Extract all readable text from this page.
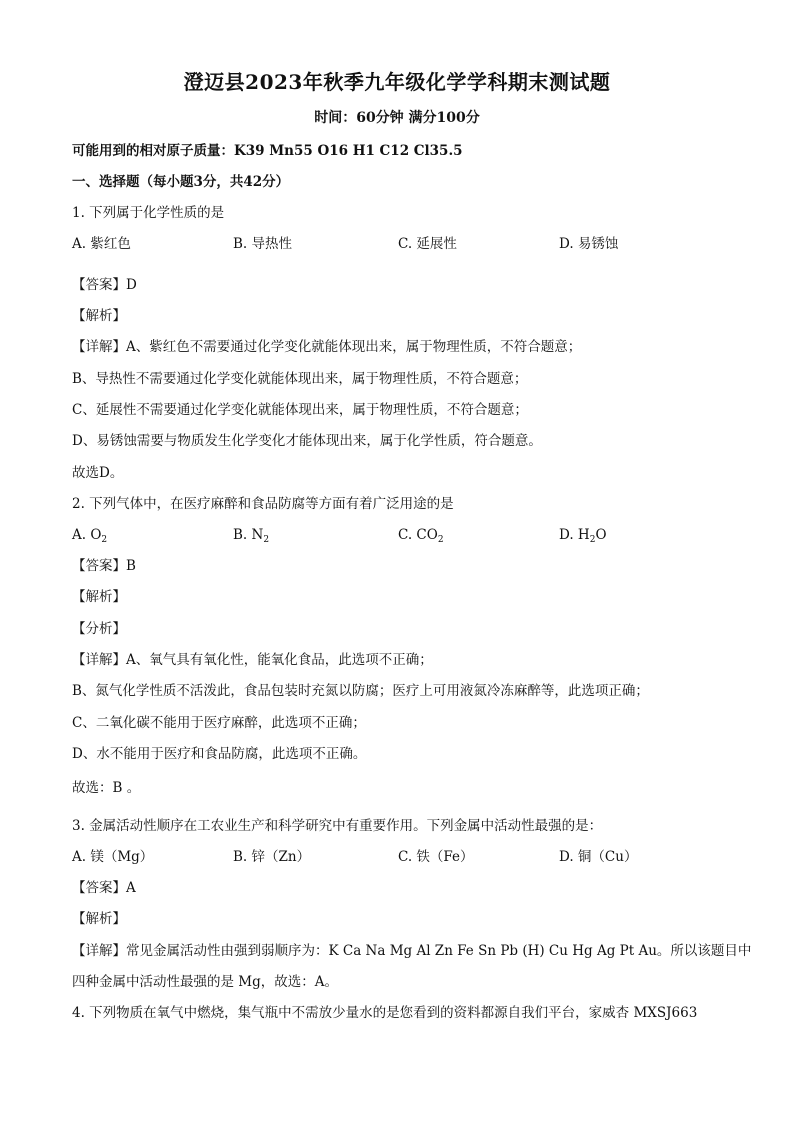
澄迈县2023年秋季九年级化学学科期末测试题
时间：60分钟 满分100分
可能用到的相对原子质量：K39 Mn55 O16 H1 C12 Cl35.5
一、选择题（每小题3分，共42分）
1. 下列属于化学性质的是
A. 紫红色	B. 导热性	C. 延展性	D. 易锈蚀
【答案】D
【解析】
【详解】A、紫红色不需要通过化学变化就能体现出来，属于物理性质，不符合题意；
B、导热性不需要通过化学变化就能体现出来，属于物理性质，不符合题意；
C、延展性不需要通过化学变化就能体现出来，属于物理性质，不符合题意；
D、易锈蚀需要与物质发生化学变化才能体现出来，属于化学性质，符合题意。
故选D。
2. 下列气体中，在医疗麻醉和食品防腐等方面有着广泛用途的是
A. $O_2$	B. $N_2$	C. $CO_2$	D. $H_2O$
【答案】B
【解析】
【分析】
【详解】A、氧气具有氧化性，能氧化食品，此选项不正确；
B、氮气化学性质不活泼此，食品包装时充氮以防腐；医疗上可用液氮冷冻麻醉等，此选项正确；
C、二氧化碳不能用于医疗麻醉，此选项不正确；
D、水不能用于医疗和食品防腐，此选项不正确。
故选：B 。
3. 金属活动性顺序在工农业生产和科学研究中有重要作用。下列金属中活动性最强的是：
A. 镁（Mg）	B. 锌（Zn）	C. 铁（Fe）	D. 铜（Cu）
【答案】A
【解析】
【详解】常见金属活动性由强到弱顺序为：K Ca Na Mg Al Zn Fe Sn Pb (H) Cu Hg Ag Pt Au。所以该题目中
四种金属中活动性最强的是 Mg，故选：A。
4. 下列物质在氧气中燃烧，集气瓶中不需放少量水的是您看到的资料都源自我们平台，家威杏 MXSJ663
